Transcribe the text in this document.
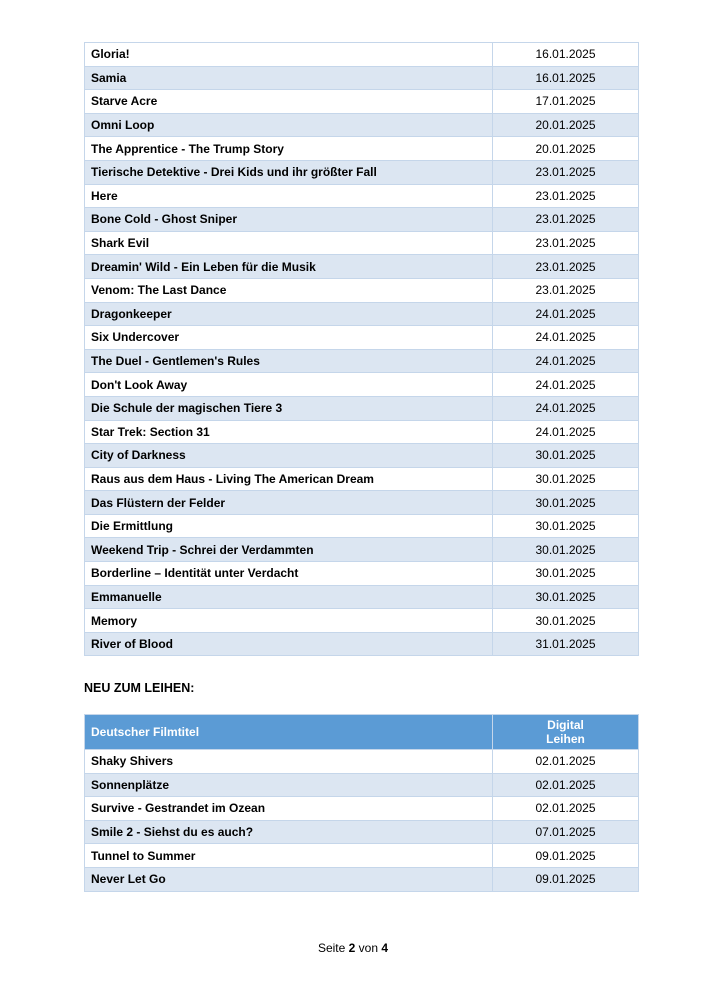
Gloria!	16.01.2025
Samia	16.01.2025
Starve Acre	17.01.2025
Omni Loop	20.01.2025
The Apprentice - The Trump Story	20.01.2025
Tierische Detektive - Drei Kids und ihr größter Fall	23.01.2025
Here	23.01.2025
Bone Cold - Ghost Sniper	23.01.2025
Shark Evil	23.01.2025
Dreamin' Wild - Ein Leben für die Musik	23.01.2025
Venom: The Last Dance	23.01.2025
Dragonkeeper	24.01.2025
Six Undercover	24.01.2025
The Duel - Gentlemen's Rules	24.01.2025
Don't Look Away	24.01.2025
Die Schule der magischen Tiere 3	24.01.2025
Star Trek: Section 31	24.01.2025
City of Darkness	30.01.2025
Raus aus dem Haus - Living The American Dream	30.01.2025
Das Flüstern der Felder	30.01.2025
Die Ermittlung	30.01.2025
Weekend Trip - Schrei der Verdammten	30.01.2025
Borderline – Identität unter Verdacht	30.01.2025
Emmanuelle	30.01.2025
Memory	30.01.2025
River of Blood	31.01.2025
NEU ZUM LEIHEN:
Deutscher Filmtitel	Digital
Leihen
Shaky Shivers	02.01.2025
Sonnenplätze	02.01.2025
Survive - Gestrandet im Ozean	02.01.2025
Smile 2 - Siehst du es auch?	07.01.2025
Tunnel to Summer	09.01.2025
Never Let Go	09.01.2025
Seite 2 von 4
